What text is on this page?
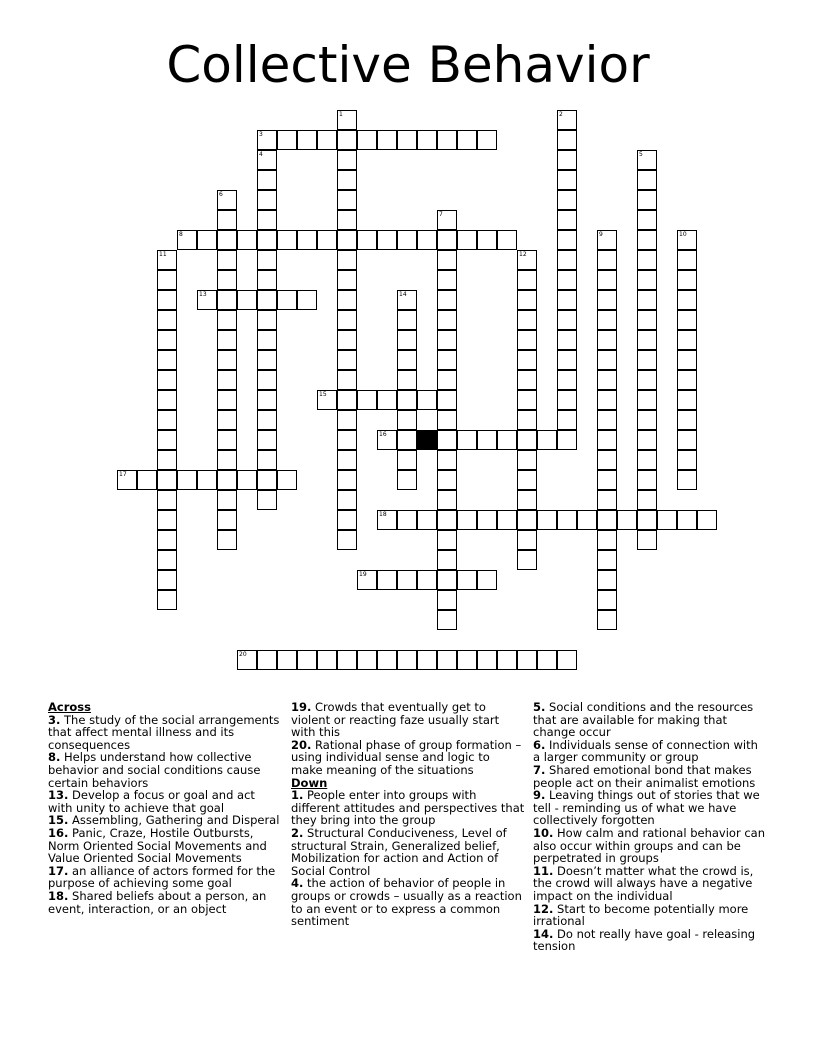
Collective Behavior
3
8
13
15
16
17
18
19
20
1	2
4	5
6
7
9	10
11	12
14
Across
3. The study of the social arrangements that affect mental illness and its consequences
8. Helps understand how collective behavior and social conditions cause certain behaviors
13. Develop a focus or goal and act with unity to achieve that goal
15. Assembling, Gathering and Disperal
16. Panic, Craze, Hostile Outbursts, Norm Oriented Social Movements and Value Oriented Social Movements
17. an alliance of actors formed for the purpose of achieving some goal
18. Shared beliefs about a person, an event, interaction, or an object
19. Crowds that eventually get to violent or reacting faze usually start with this
20. Rational phase of group formation – using individual sense and logic to make meaning of the situations
Down
1. People enter into groups with different attitudes and perspectives that they bring into the group
2. Structural Conduciveness, Level of structural Strain, Generalized belief, Mobilization for action and Action of Social Control
4. the action of behavior of people in groups or crowds – usually as a reaction to an event or to express a common sentiment
5. Social conditions and the resources that are available for making that change occur
6. Individuals sense of connection with a larger community or group
7. Shared emotional bond that makes people act on their animalist emotions
9. Leaving things out of stories that we tell - reminding us of what we have collectively forgotten
10. How calm and rational behavior can also occur within groups and can be perpetrated in groups
11. Doesn’t matter what the crowd is, the crowd will always have a negative impact on the individual
12. Start to become potentially more irrational
14. Do not really have goal - releasing tension
